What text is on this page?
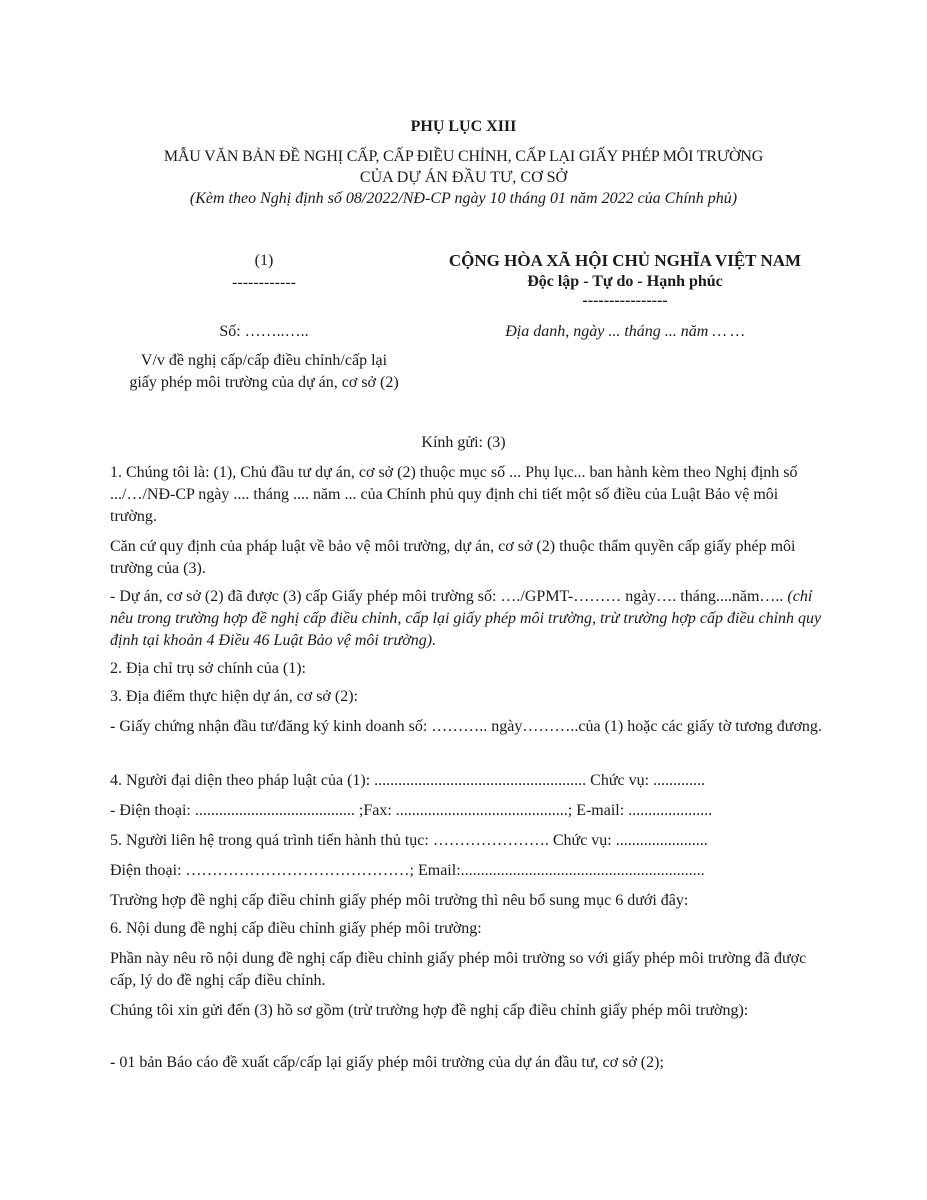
PHỤ LỤC XIII
MẪU VĂN BẢN ĐỀ NGHỊ CẤP, CẤP ĐIỀU CHỈNH, CẤP LẠI GIẤY PHÉP MÔI TRƯỜNG
CỦA DỰ ÁN ĐẦU TƯ, CƠ SỞ
(Kèm theo Nghị định số 08/2022/NĐ-CP ngày 10 tháng 01 năm 2022 của Chính phủ)
(1)
------------
Số: ……..…..
V/v đề nghị cấp/cấp điều chỉnh/cấp lại
giấy phép môi trường của dự án, cơ sở (2)
CỘNG HÒA XÃ HỘI CHỦ NGHĨA VIỆT NAM
Độc lập - Tự do - Hạnh phúc
----------------
Địa danh, ngày ... tháng ... năm … …
Kính gửi: (3)
1. Chúng tôi là: (1), Chủ đầu tư dự án, cơ sở (2) thuộc mục số ... Phụ lục... ban hành kèm theo Nghị định số .../…/NĐ-CP ngày .... tháng .... năm ... của Chính phủ quy định chi tiết một số điều của Luật Bảo vệ môi trường.
Căn cứ quy định của pháp luật về bảo vệ môi trường, dự án, cơ sở (2) thuộc thẩm quyền cấp giấy phép môi trường của (3).
- Dự án, cơ sở (2) đã được (3) cấp Giấy phép môi trường số: …./GPMT-……… ngày…. tháng....năm….. (chỉ nêu trong trường hợp đề nghị cấp điều chỉnh, cấp lại giấy phép môi trường, trừ trường hợp cấp điều chỉnh quy định tại khoản 4 Điều 46 Luật Bảo vệ môi trường).
2. Địa chỉ trụ sở chính của (1):
3. Địa điểm thực hiện dự án, cơ sở (2):
- Giấy chứng nhận đầu tư/đăng ký kinh doanh số: ……….. ngày………..của (1) hoặc các giấy tờ tương đương.
4. Người đại diện theo pháp luật của (1): ..................................................... Chức vụ: .............
- Điện thoại: ........................................ ;Fax: ...........................................; E-mail: .....................
5. Người liên hệ trong quá trình tiến hành thủ tục: …………………. Chức vụ: .......................
Điện thoại: ……………………………………; Email:.............................................................
Trường hợp đề nghị cấp điều chỉnh giấy phép môi trường thì nêu bổ sung mục 6 dưới đây:
6. Nội dung đề nghị cấp điều chỉnh giấy phép môi trường:
Phần này nêu rõ nội dung đề nghị cấp điều chỉnh giấy phép môi trường so với giấy phép môi trường đã được cấp, lý do đề nghị cấp điều chỉnh.
Chúng tôi xin gửi đến (3) hồ sơ gồm (trừ trường hợp đề nghị cấp điều chỉnh giấy phép môi trường):
- 01 bản Báo cáo đề xuất cấp/cấp lại giấy phép môi trường của dự án đầu tư, cơ sở (2);
